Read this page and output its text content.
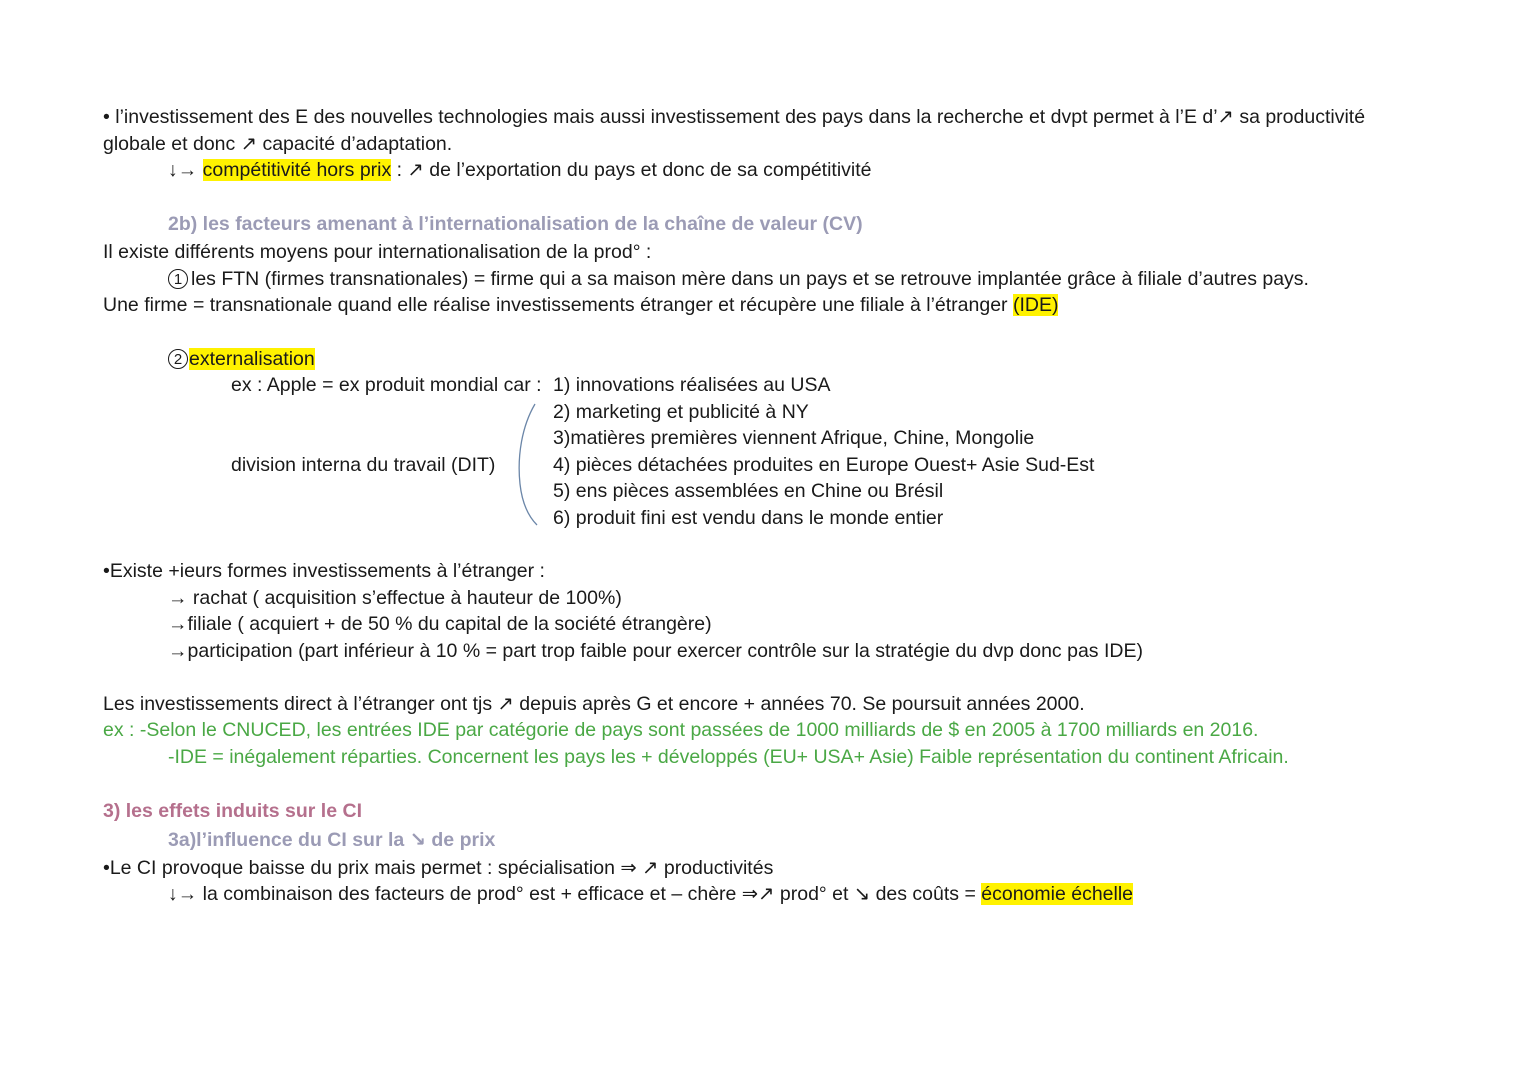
• l’investissement des E des nouvelles technologies mais aussi investissement des pays dans la recherche et dvpt permet à l’E d’↗ sa productivité
globale et donc ↗ capacité d’adaptation.
↓→ compétitivité hors prix : ↗ de l’exportation du pays et donc de sa compétitivité
2b) les facteurs amenant à l’internationalisation de la chaîne de valeur (CV)
Il existe différents moyens pour internationalisation de la prod° :
1 les FTN (firmes transnationales) = firme qui a sa maison mère dans un pays et se retrouve implantée grâce à filiale d’autres pays.
Une firme = transnationale quand elle réalise investissements étranger et récupère une filiale à l’étranger (IDE)
2 externalisation
ex : Apple = ex produit mondial car : 1) innovations réalisées au USA
2) marketing et publicité à NY
3)matières premières viennent Afrique, Chine, Mongolie
4) pièces détachées produites en Europe Ouest+ Asie Sud-Est
5) ens pièces assemblées en Chine ou Brésil
6) produit fini est vendu dans le monde entier
division interna du travail (DIT)
•Existe +ieurs formes investissements à l’étranger :
→ rachat ( acquisition s’effectue à hauteur de 100%)
→filiale ( acquiert + de 50 % du capital de la société étrangère)
→participation (part inférieur à 10 % = part trop faible pour exercer contrôle sur la stratégie du dvp donc pas IDE)
Les investissements direct à l’étranger ont tjs ↗ depuis après G et encore + années 70. Se poursuit années 2000.
ex : -Selon le CNUCED, les entrées IDE par catégorie de pays sont passées de 1000 milliards de $ en 2005 à 1700 milliards en 2016.
-IDE = inégalement réparties. Concernent les pays les + développés (EU+ USA+ Asie) Faible représentation du continent Africain.
3) les effets induits sur le CI
3a)l’influence du CI sur la ↘ de prix
•Le CI provoque baisse du prix mais permet : spécialisation ⇒ ↗ productivités
↓→ la combinaison des facteurs de prod° est + efficace et – chère ⇒↗ prod° et ↘ des coûts = économie échelle
